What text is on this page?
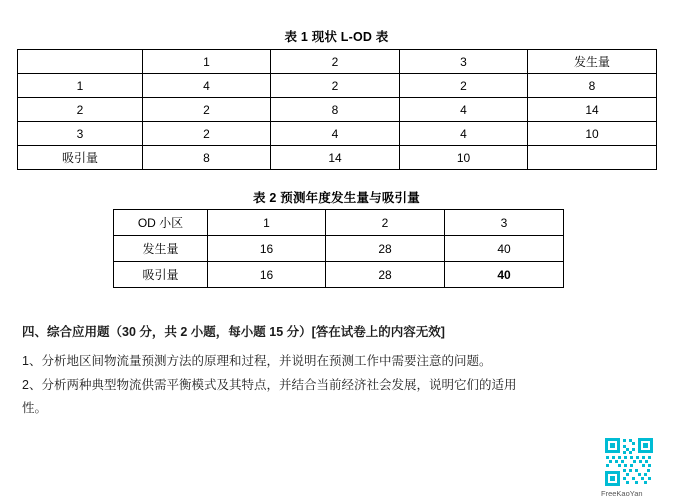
表 1 现状 L-OD 表
	1	2	3	发生量
1	4	2	2	8
2	2	8	4	14
3	2	4	4	10
吸引量	8	14	10	
表 2 预测年度发生量与吸引量
OD 小区	1	2	3
发生量	16	28	40
吸引量	16	28	40
四、综合应用题（30 分，共 2 小题，每小题 15 分）[答在试卷上的内容无效]
1、分析地区间物流量预测方法的原理和过程，并说明在预测工作中需要注意的问题。
2、分析两种典型物流供需平衡模式及其特点，并结合当前经济社会发展，说明它们的适用
性。
FreeKaoYan
